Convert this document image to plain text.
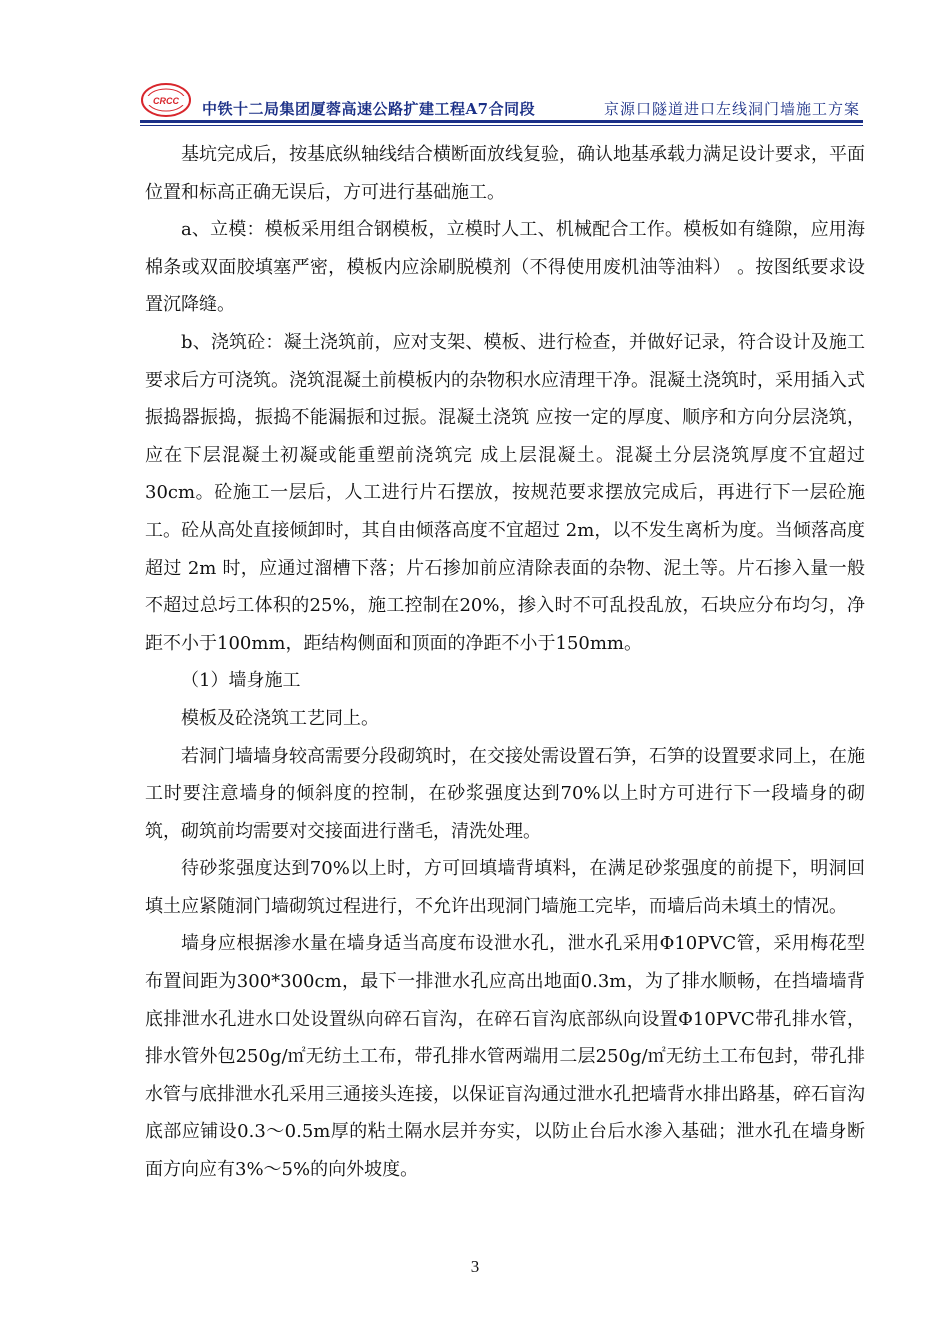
CRCC 中铁十二局集团厦蓉高速公路扩建工程A7合同段	京源口隧道进口左线洞门墙施工方案

基坑完成后，按基底纵轴线结合横断面放线复验，确认地基承载力满足设计要求，平面位置和标高正确无误后，方可进行基础施工。

a、立模：模板采用组合钢模板，立模时人工、机械配合工作。模板如有缝隙，应用海棉条或双面胶填塞严密，模板内应涂刷脱模剂（不得使用废机油等油料） 。按图纸要求设置沉降缝。

b、浇筑砼：凝土浇筑前，应对支架、模板、进行检查，并做好记录，符合设计及施工要求后方可浇筑。浇筑混凝土前模板内的杂物积水应清理干净。混凝土浇筑时，采用插入式振捣器振捣，振捣不能漏振和过振。混凝土浇筑 应按一定的厚度、顺序和方向分层浇筑，应在下层混凝土初凝或能重塑前浇筑完 成上层混凝土。混凝土分层浇筑厚度不宜超过 30cm。砼施工一层后，人工进行片石摆放，按规范要求摆放完成后，再进行下一层砼施工。砼从高处直接倾卸时，其自由倾落高度不宜超过 2m，以不发生离析为度。当倾落高度超过 2m 时，应通过溜槽下落；片石掺加前应清除表面的杂物、泥土等。片石掺入量一般不超过总圬工体积的25%，施工控制在20%，掺入时不可乱投乱放，石块应分布均匀，净距不小于100mm，距结构侧面和顶面的净距不小于150mm。

（1）墙身施工

模板及砼浇筑工艺同上。

若洞门墙墙身较高需要分段砌筑时，在交接处需设置石笋，石笋的设置要求同上，在施工时要注意墙身的倾斜度的控制，在砂浆强度达到70%以上时方可进行下一段墙身的砌筑，砌筑前均需要对交接面进行凿毛，清洗处理。

待砂浆强度达到70%以上时，方可回填墙背填料，在满足砂浆强度的前提下，明洞回填土应紧随洞门墙砌筑过程进行，不允许出现洞门墙施工完毕，而墙后尚未填土的情况。

墙身应根据渗水量在墙身适当高度布设泄水孔，泄水孔采用Φ10PVC管，采用梅花型布置间距为300*300cm，最下一排泄水孔应高出地面0.3m，为了排水顺畅，在挡墙墙背底排泄水孔进水口处设置纵向碎石盲沟，在碎石盲沟底部纵向设置Φ10PVC带孔排水管，排水管外包250g/㎡无纺土工布，带孔排水管两端用二层250g/㎡无纺土工布包封，带孔排水管与底排泄水孔采用三通接头连接，以保证盲沟通过泄水孔把墙背水排出路基，碎石盲沟底部应铺设0.3～0.5m厚的粘土隔水层并夯实，以防止台后水渗入基础；泄水孔在墙身断面方向应有3%～5%的向外坡度。

3
